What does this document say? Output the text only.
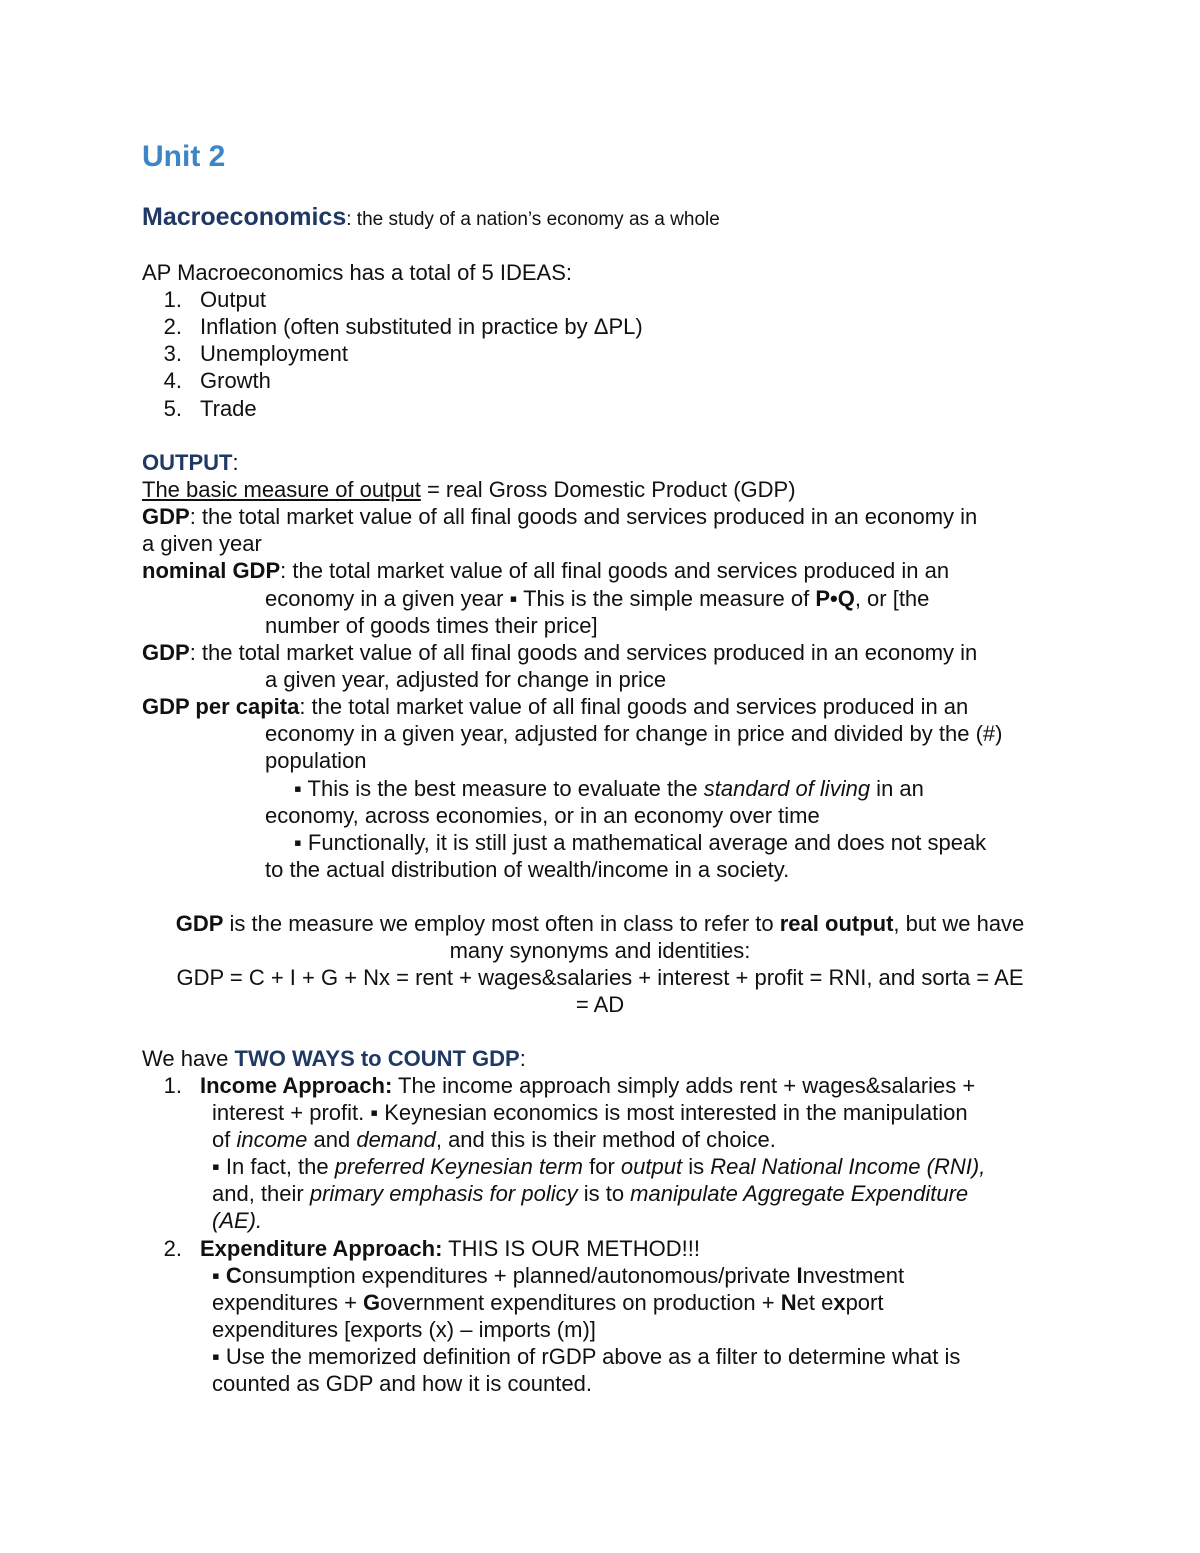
Unit 2
Macroeconomics: the study of a nation’s economy as a whole
AP Macroeconomics has a total of 5 IDEAS:
1. Output
2. Inflation (often substituted in practice by ΔPL)
3. Unemployment
4. Growth
5. Trade
OUTPUT:
The basic measure of output = real Gross Domestic Product (GDP)
GDP: the total market value of all final goods and services produced in an economy in
a given year
nominal GDP: the total market value of all final goods and services produced in an
economy in a given year ▪ This is the simple measure of P•Q, or [the
number of goods times their price]
GDP: the total market value of all final goods and services produced in an economy in
a given year, adjusted for change in price
GDP per capita: the total market value of all final goods and services produced in an
economy in a given year, adjusted for change in price and divided by the (#)
population
▪ This is the best measure to evaluate the standard of living in an
economy, across economies, or in an economy over time
▪ Functionally, it is still just a mathematical average and does not speak
to the actual distribution of wealth/income in a society.
GDP is the measure we employ most often in class to refer to real output, but we have
many synonyms and identities:
GDP = C + I + G + Nx = rent + wages&salaries + interest + profit = RNI, and sorta = AE
= AD
We have TWO WAYS to COUNT GDP:
1. Income Approach: The income approach simply adds rent + wages&salaries +
interest + profit. ▪ Keynesian economics is most interested in the manipulation
of income and demand, and this is their method of choice.
▪ In fact, the preferred Keynesian term for output is Real National Income (RNI),
and, their primary emphasis for policy is to manipulate Aggregate Expenditure
(AE).
2. Expenditure Approach: THIS IS OUR METHOD!!!
▪ Consumption expenditures + planned/autonomous/private Investment
expenditures + Government expenditures on production + Net export
expenditures [exports (x) – imports (m)]
▪ Use the memorized definition of rGDP above as a filter to determine what is
counted as GDP and how it is counted.
